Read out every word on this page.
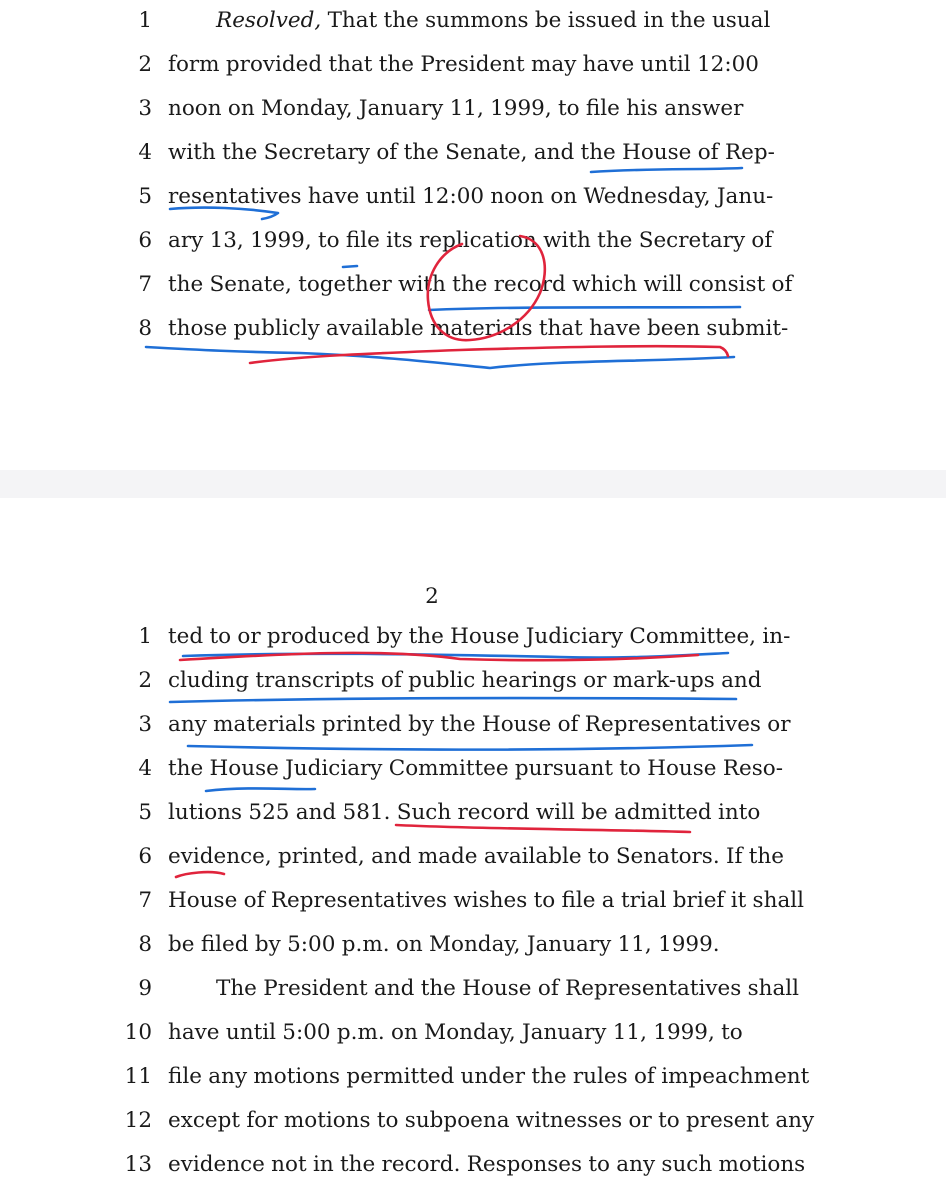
1	Resolved, That the summons be issued in the usual
2 form provided that the President may have until 12:00
3 noon on Monday, January 11, 1999, to file his answer
4 with the Secretary of the Senate, and the House of Rep-
5 resentatives have until 12:00 noon on Wednesday, Janu-
6 ary 13, 1999, to file its replication with the Secretary of
7 the Senate, together with the record which will consist of
8 those publicly available materials that have been submit-
2
1 ted to or produced by the House Judiciary Committee, in-
2 cluding transcripts of public hearings or mark-ups and
3 any materials printed by the House of Representatives or
4 the House Judiciary Committee pursuant to House Reso-
5 lutions 525 and 581. Such record will be admitted into
6 evidence, printed, and made available to Senators. If the
7 House of Representatives wishes to file a trial brief it shall
8 be filed by 5:00 p.m. on Monday, January 11, 1999.
9	The President and the House of Representatives shall
10 have until 5:00 p.m. on Monday, January 11, 1999, to
11 file any motions permitted under the rules of impeachment
12 except for motions to subpoena witnesses or to present any
13 evidence not in the record. Responses to any such motions
